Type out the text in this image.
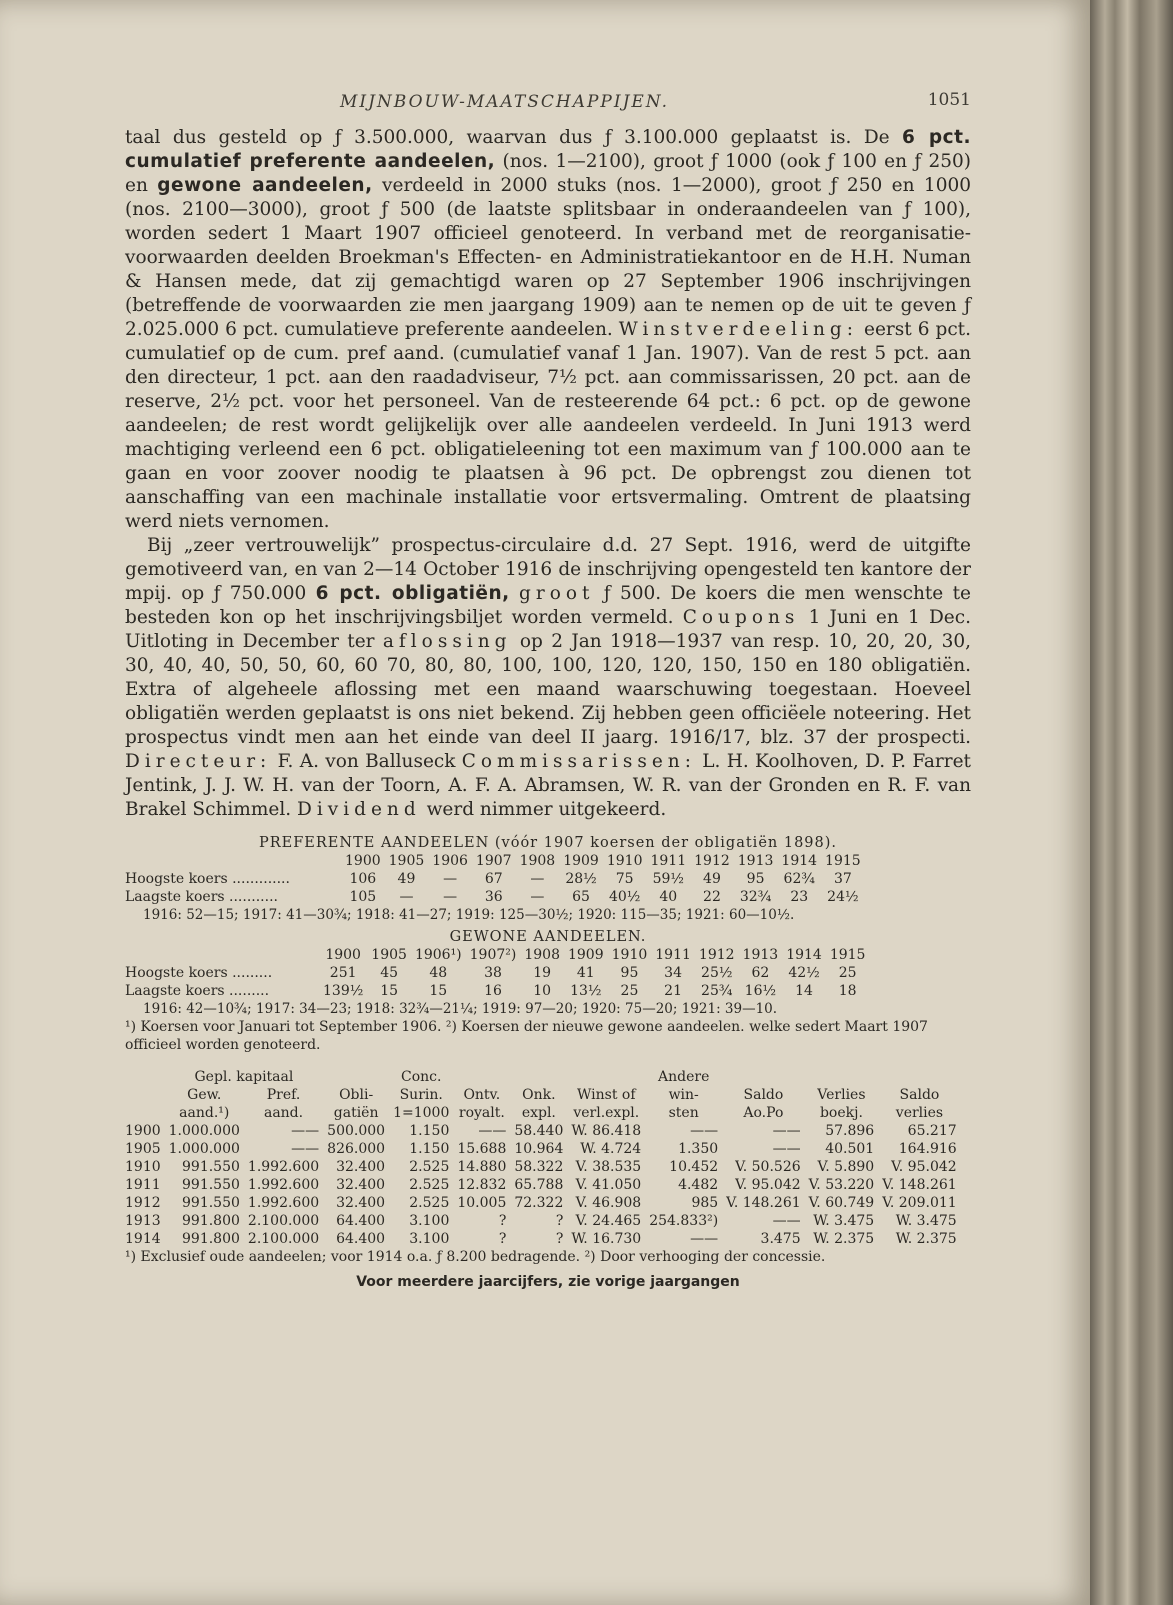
MIJNBOUW-MAATSCHAPPIJEN.	1051

taal dus gesteld op ƒ 3.500.000, waarvan dus ƒ 3.100.000 geplaatst is. De 6 pct. cumulatief preferente aandeelen, (nos. 1—2100), groot ƒ 1000 (ook ƒ 100 en ƒ 250) en gewone aandeelen, verdeeld in 2000 stuks (nos. 1—2000), groot ƒ 250 en 1000 (nos. 2100—3000), groot ƒ 500 (de laatste splitsbaar in onderaandeelen van ƒ 100), worden sedert 1 Maart 1907 officieel genoteerd. In verband met de reorganisatie-voorwaarden deelden Broekman's Effecten- en Administratiekantoor en de H.H. Numan & Hansen mede, dat zij gemachtigd waren op 27 September 1906 inschrijvingen (betreffende de voorwaarden zie men jaargang 1909) aan te nemen op de uit te geven ƒ 2.025.000 6 pct. cumulatieve preferente aandeelen. Winstverdeeling: eerst 6 pct. cumulatief op de cum. pref aand. (cumulatief vanaf 1 Jan. 1907). Van de rest 5 pct. aan den directeur, 1 pct. aan den raadadviseur, 7½ pct. aan commissarissen, 20 pct. aan de reserve, 2½ pct. voor het personeel. Van de resteerende 64 pct.: 6 pct. op de gewone aandeelen; de rest wordt gelijkelijk over alle aandeelen verdeeld. In Juni 1913 werd machtiging verleend een 6 pct. obligatieleening tot een maximum van ƒ 100.000 aan te gaan en voor zoover noodig te plaatsen à 96 pct. De opbrengst zou dienen tot aanschaffing van een machinale installatie voor ertsvermaling. Omtrent de plaatsing werd niets vernomen.

Bij „zeer vertrouwelijk” prospectus-circulaire d.d. 27 Sept. 1916, werd de uitgifte gemotiveerd van, en van 2—14 October 1916 de inschrijving opengesteld ten kantore der mpij. op ƒ 750.000 6 pct. obligatiën, groot ƒ 500. De koers die men wenschte te besteden kon op het inschrijvingsbiljet worden vermeld. Coupons 1 Juni en 1 Dec. Uitloting in December ter aflossing op 2 Jan 1918—1937 van resp. 10, 20, 20, 30, 30, 40, 40, 50, 50, 60, 60 70, 80, 80, 100, 100, 120, 120, 150, 150 en 180 obligatiën. Extra of algeheele aflossing met een maand waarschuwing toegestaan. Hoeveel obligatiën werden geplaatst is ons niet bekend. Zij hebben geen officiëele noteering. Het prospectus vindt men aan het einde van deel II jaarg. 1916/17, blz. 37 der prospecti. Directeur: F. A. von Balluseck Commissarissen: L. H. Koolhoven, D. P. Farret Jentink, J. J. W. H. van der Toorn, A. F. A. Abramsen, W. R. van der Gronden en R. F. van Brakel Schimmel. Dividend werd nimmer uitgekeerd.

PREFERENTE AANDEELEN (vóór 1907 koersen der obligatiën 1898).
	1900	1905	1906	1907	1908	1909	1910	1911	1912	1913	1914	1915
Hoogste koers .............	106	49	—	67	—	28½	75	59½	49	95	62¾	37
Laagste koers ...........	105	—	—	36	—	65	40½	40	22	32¾	23	24½
1916: 52—15; 1917: 41—30¾; 1918: 41—27; 1919: 125—30½; 1920: 115—35; 1921: 60—10½.
GEWONE AANDEELEN.
	1900	1905	1906¹)	1907²)	1908	1909	1910	1911	1912	1913	1914	1915
Hoogste koers .........	251	45	48	38	19	41	95	34	25½	62	42½	25
Laagste koers .........	139½	15	15	16	10	13½	25	21	25¾	16½	14	18
1916: 42—10¾; 1917: 34—23; 1918: 32¾—21¼; 1919: 97—20; 1920: 75—20; 1921: 39—10.
¹) Koersen voor Januari tot September 1906. ²) Koersen der nieuwe gewone aandeelen. welke sedert Maart 1907 officieel worden genoteerd.
	Gepl. kapitaal			Conc.				Andere			
	Gew.	Pref.	Obli-	Surin.	Ontv.	Onk.	Winst of	win-	Saldo	Verlies	Saldo
	aand.¹)	aand.	gatiën	1=1000	royalt.	expl.	verl.expl.	sten	Ao.Po	boekj.	verlies
1900	1.000.000	——	500.000	1.150	——	58.440	W. 86.418	——	——	57.896	65.217
1905	1.000.000	——	826.000	1.150	15.688	10.964	W. 4.724	1.350	——	40.501	164.916
1910	991.550	1.992.600	32.400	2.525	14.880	58.322	V. 38.535	10.452	V. 50.526	V. 5.890	V. 95.042
1911	991.550	1.992.600	32.400	2.525	12.832	65.788	V. 41.050	4.482	V. 95.042	V. 53.220	V. 148.261
1912	991.550	1.992.600	32.400	2.525	10.005	72.322	V. 46.908	985	V. 148.261	V. 60.749	V. 209.011
1913	991.800	2.100.000	64.400	3.100	?	?	V. 24.465	254.833²)	——	W. 3.475	W. 3.475
1914	991.800	2.100.000	64.400	3.100	?	?	W. 16.730	——	3.475	W. 2.375	W. 2.375
¹) Exclusief oude aandeelen; voor 1914 o.a. ƒ 8.200 bedragende. ²) Door verhooging der concessie.
Voor meerdere jaarcijfers, zie vorige jaargangen
